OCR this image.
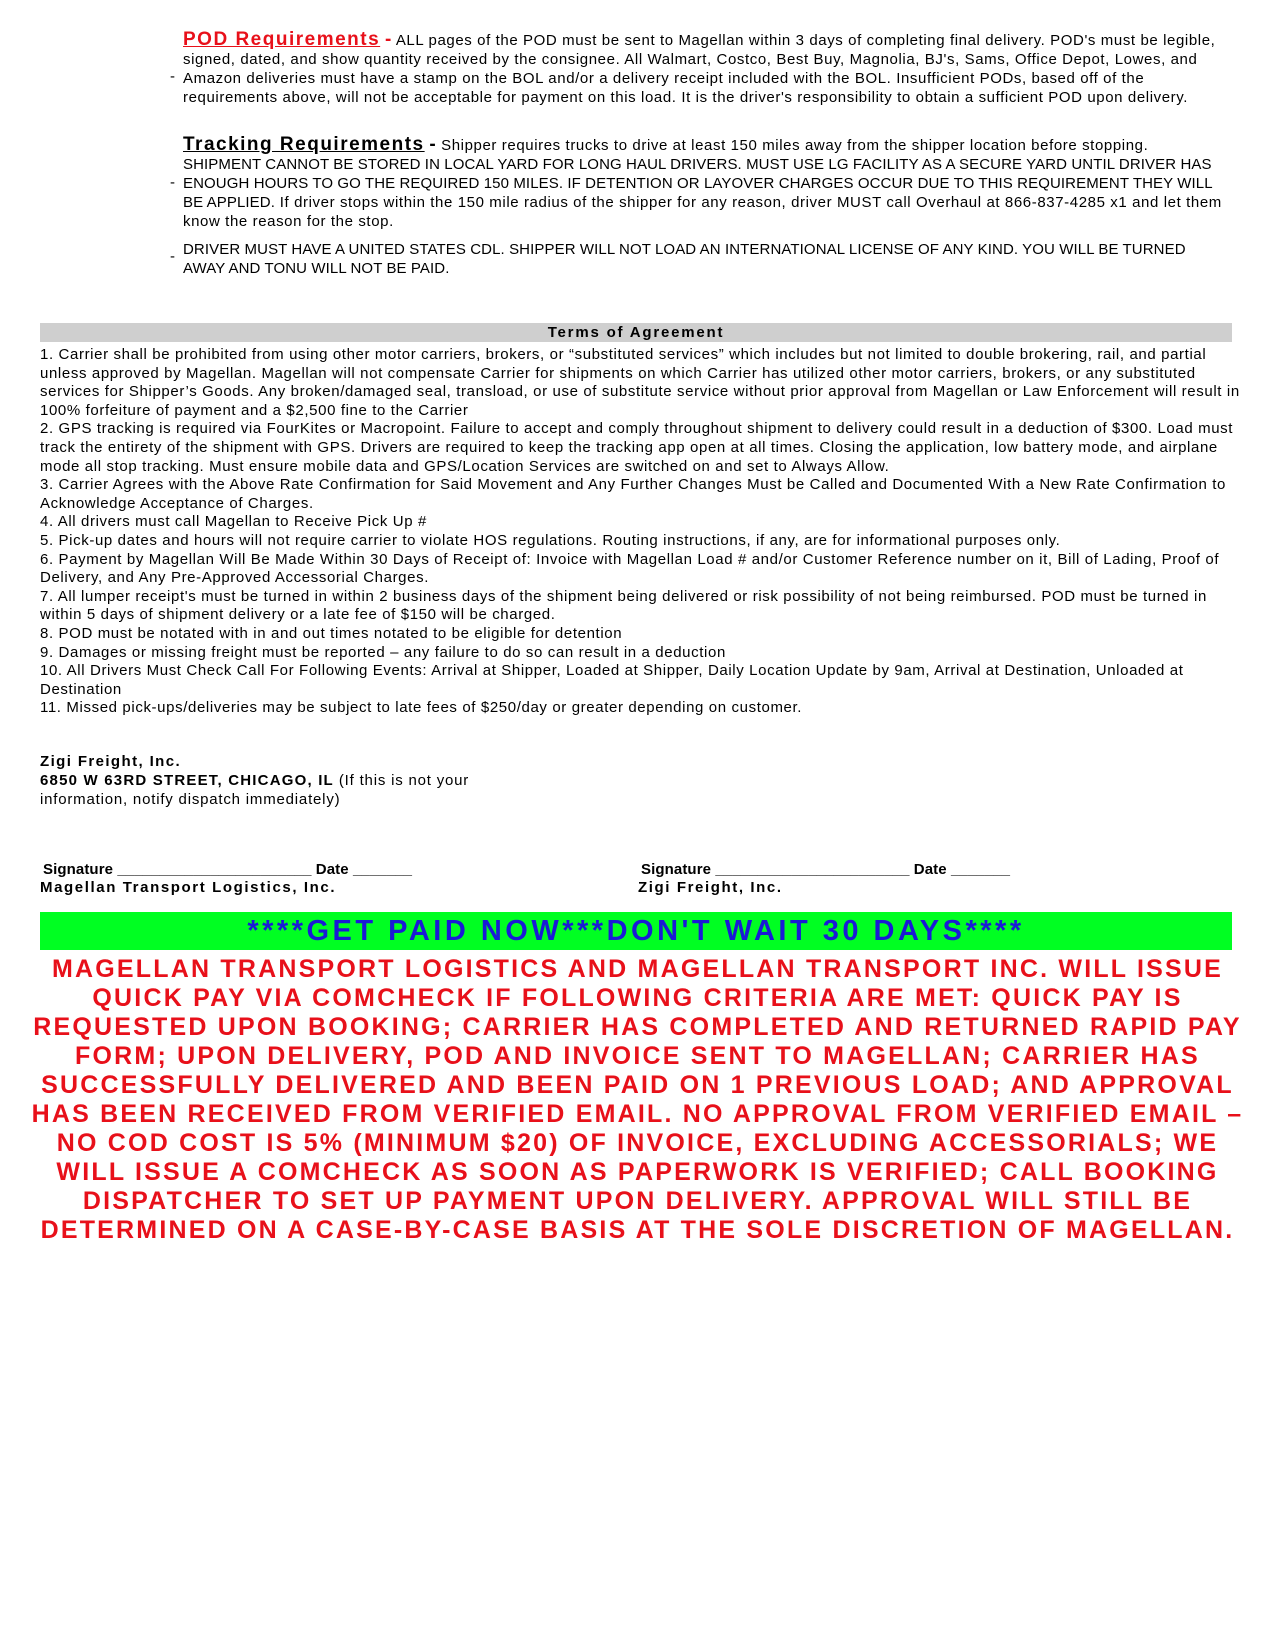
-
POD Requirements - ALL pages of the POD must be sent to Magellan within 3 days of completing final delivery. POD's must be legible, signed, dated, and show quantity received by the consignee. All Walmart, Costco, Best Buy, Magnolia, BJ's, Sams, Office Depot, Lowes, and Amazon deliveries must have a stamp on the BOL and/or a delivery receipt included with the BOL. Insufficient PODs, based off of the requirements above, will not be acceptable for payment on this load. It is the driver's responsibility to obtain a sufficient POD upon delivery.
-
Tracking Requirements - Shipper requires trucks to drive at least 150 miles away from the shipper location before stopping. SHIPMENT CANNOT BE STORED IN LOCAL YARD FOR LONG HAUL DRIVERS. MUST USE LG FACILITY AS A SECURE YARD UNTIL DRIVER HAS ENOUGH HOURS TO GO THE REQUIRED 150 MILES. IF DETENTION OR LAYOVER CHARGES OCCUR DUE TO THIS REQUIREMENT THEY WILL BE APPLIED. If driver stops within the 150 mile radius of the shipper for any reason, driver MUST call Overhaul at 866-837-4285 x1 and let them know the reason for the stop.
- DRIVER MUST HAVE A UNITED STATES CDL. SHIPPER WILL NOT LOAD AN INTERNATIONAL LICENSE OF ANY KIND. YOU WILL BE TURNED AWAY AND TONU WILL NOT BE PAID.
Terms of Agreement

1. Carrier shall be prohibited from using other motor carriers, brokers, or “substituted services” which includes but not limited to double brokering, rail, and partial unless approved by Magellan. Magellan will not compensate Carrier for shipments on which Carrier has utilized other motor carriers, brokers, or any substituted services for Shipper’s Goods. Any broken/damaged seal, transload, or use of substitute service without prior approval from Magellan or Law Enforcement will result in 100% forfeiture of payment and a $2,500 fine to the Carrier

2. GPS tracking is required via FourKites or Macropoint. Failure to accept and comply throughout shipment to delivery could result in a deduction of $300. Load must track the entirety of the shipment with GPS. Drivers are required to keep the tracking app open at all times. Closing the application, low battery mode, and airplane mode all stop tracking. Must ensure mobile data and GPS/Location Services are switched on and set to Always Allow.

3. Carrier Agrees with the Above Rate Confirmation for Said Movement and Any Further Changes Must be Called and Documented With a New Rate Confirmation to Acknowledge Acceptance of Charges.

4. All drivers must call Magellan to Receive Pick Up #

5. Pick-up dates and hours will not require carrier to violate HOS regulations. Routing instructions, if any, are for informational purposes only.

6. Payment by Magellan Will Be Made Within 30 Days of Receipt of: Invoice with Magellan Load # and/or Customer Reference number on it, Bill of Lading, Proof of Delivery, and Any Pre-Approved Accessorial Charges.

7. All lumper receipt's must be turned in within 2 business days of the shipment being delivered or risk possibility of not being reimbursed. POD must be turned in within 5 days of shipment delivery or a late fee of $150 will be charged.

8. POD must be notated with in and out times notated to be eligible for detention

9. Damages or missing freight must be reported – any failure to do so can result in a deduction

10. All Drivers Must Check Call For Following Events: Arrival at Shipper, Loaded at Shipper, Daily Location Update by 9am, Arrival at Destination, Unloaded at Destination

11. Missed pick-ups/deliveries may be subject to late fees of $250/day or greater depending on customer.

Zigi Freight, Inc.
6850 W 63RD STREET, CHICAGO, IL (If this is not your
information, notify dispatch immediately)
Signature _______________________ Date _______
Magellan Transport Logistics, Inc.
Signature _______________________ Date _______
Zigi Freight, Inc.
****GET PAID NOW***DON'T WAIT 30 DAYS****
MAGELLAN TRANSPORT LOGISTICS AND MAGELLAN TRANSPORT INC. WILL ISSUE QUICK PAY VIA COMCHECK IF FOLLOWING CRITERIA ARE MET: QUICK PAY IS REQUESTED UPON BOOKING; CARRIER HAS COMPLETED AND RETURNED RAPID PAY FORM; UPON DELIVERY, POD AND INVOICE SENT TO MAGELLAN; CARRIER HAS SUCCESSFULLY DELIVERED AND BEEN PAID ON 1 PREVIOUS LOAD; AND APPROVAL HAS BEEN RECEIVED FROM VERIFIED EMAIL. NO APPROVAL FROM VERIFIED EMAIL – NO COD COST IS 5% (MINIMUM $20) OF INVOICE, EXCLUDING ACCESSORIALS; WE WILL ISSUE A COMCHECK AS SOON AS PAPERWORK IS VERIFIED; CALL BOOKING DISPATCHER TO SET UP PAYMENT UPON DELIVERY. APPROVAL WILL STILL BE DETERMINED ON A CASE-BY-CASE BASIS AT THE SOLE DISCRETION OF MAGELLAN.
